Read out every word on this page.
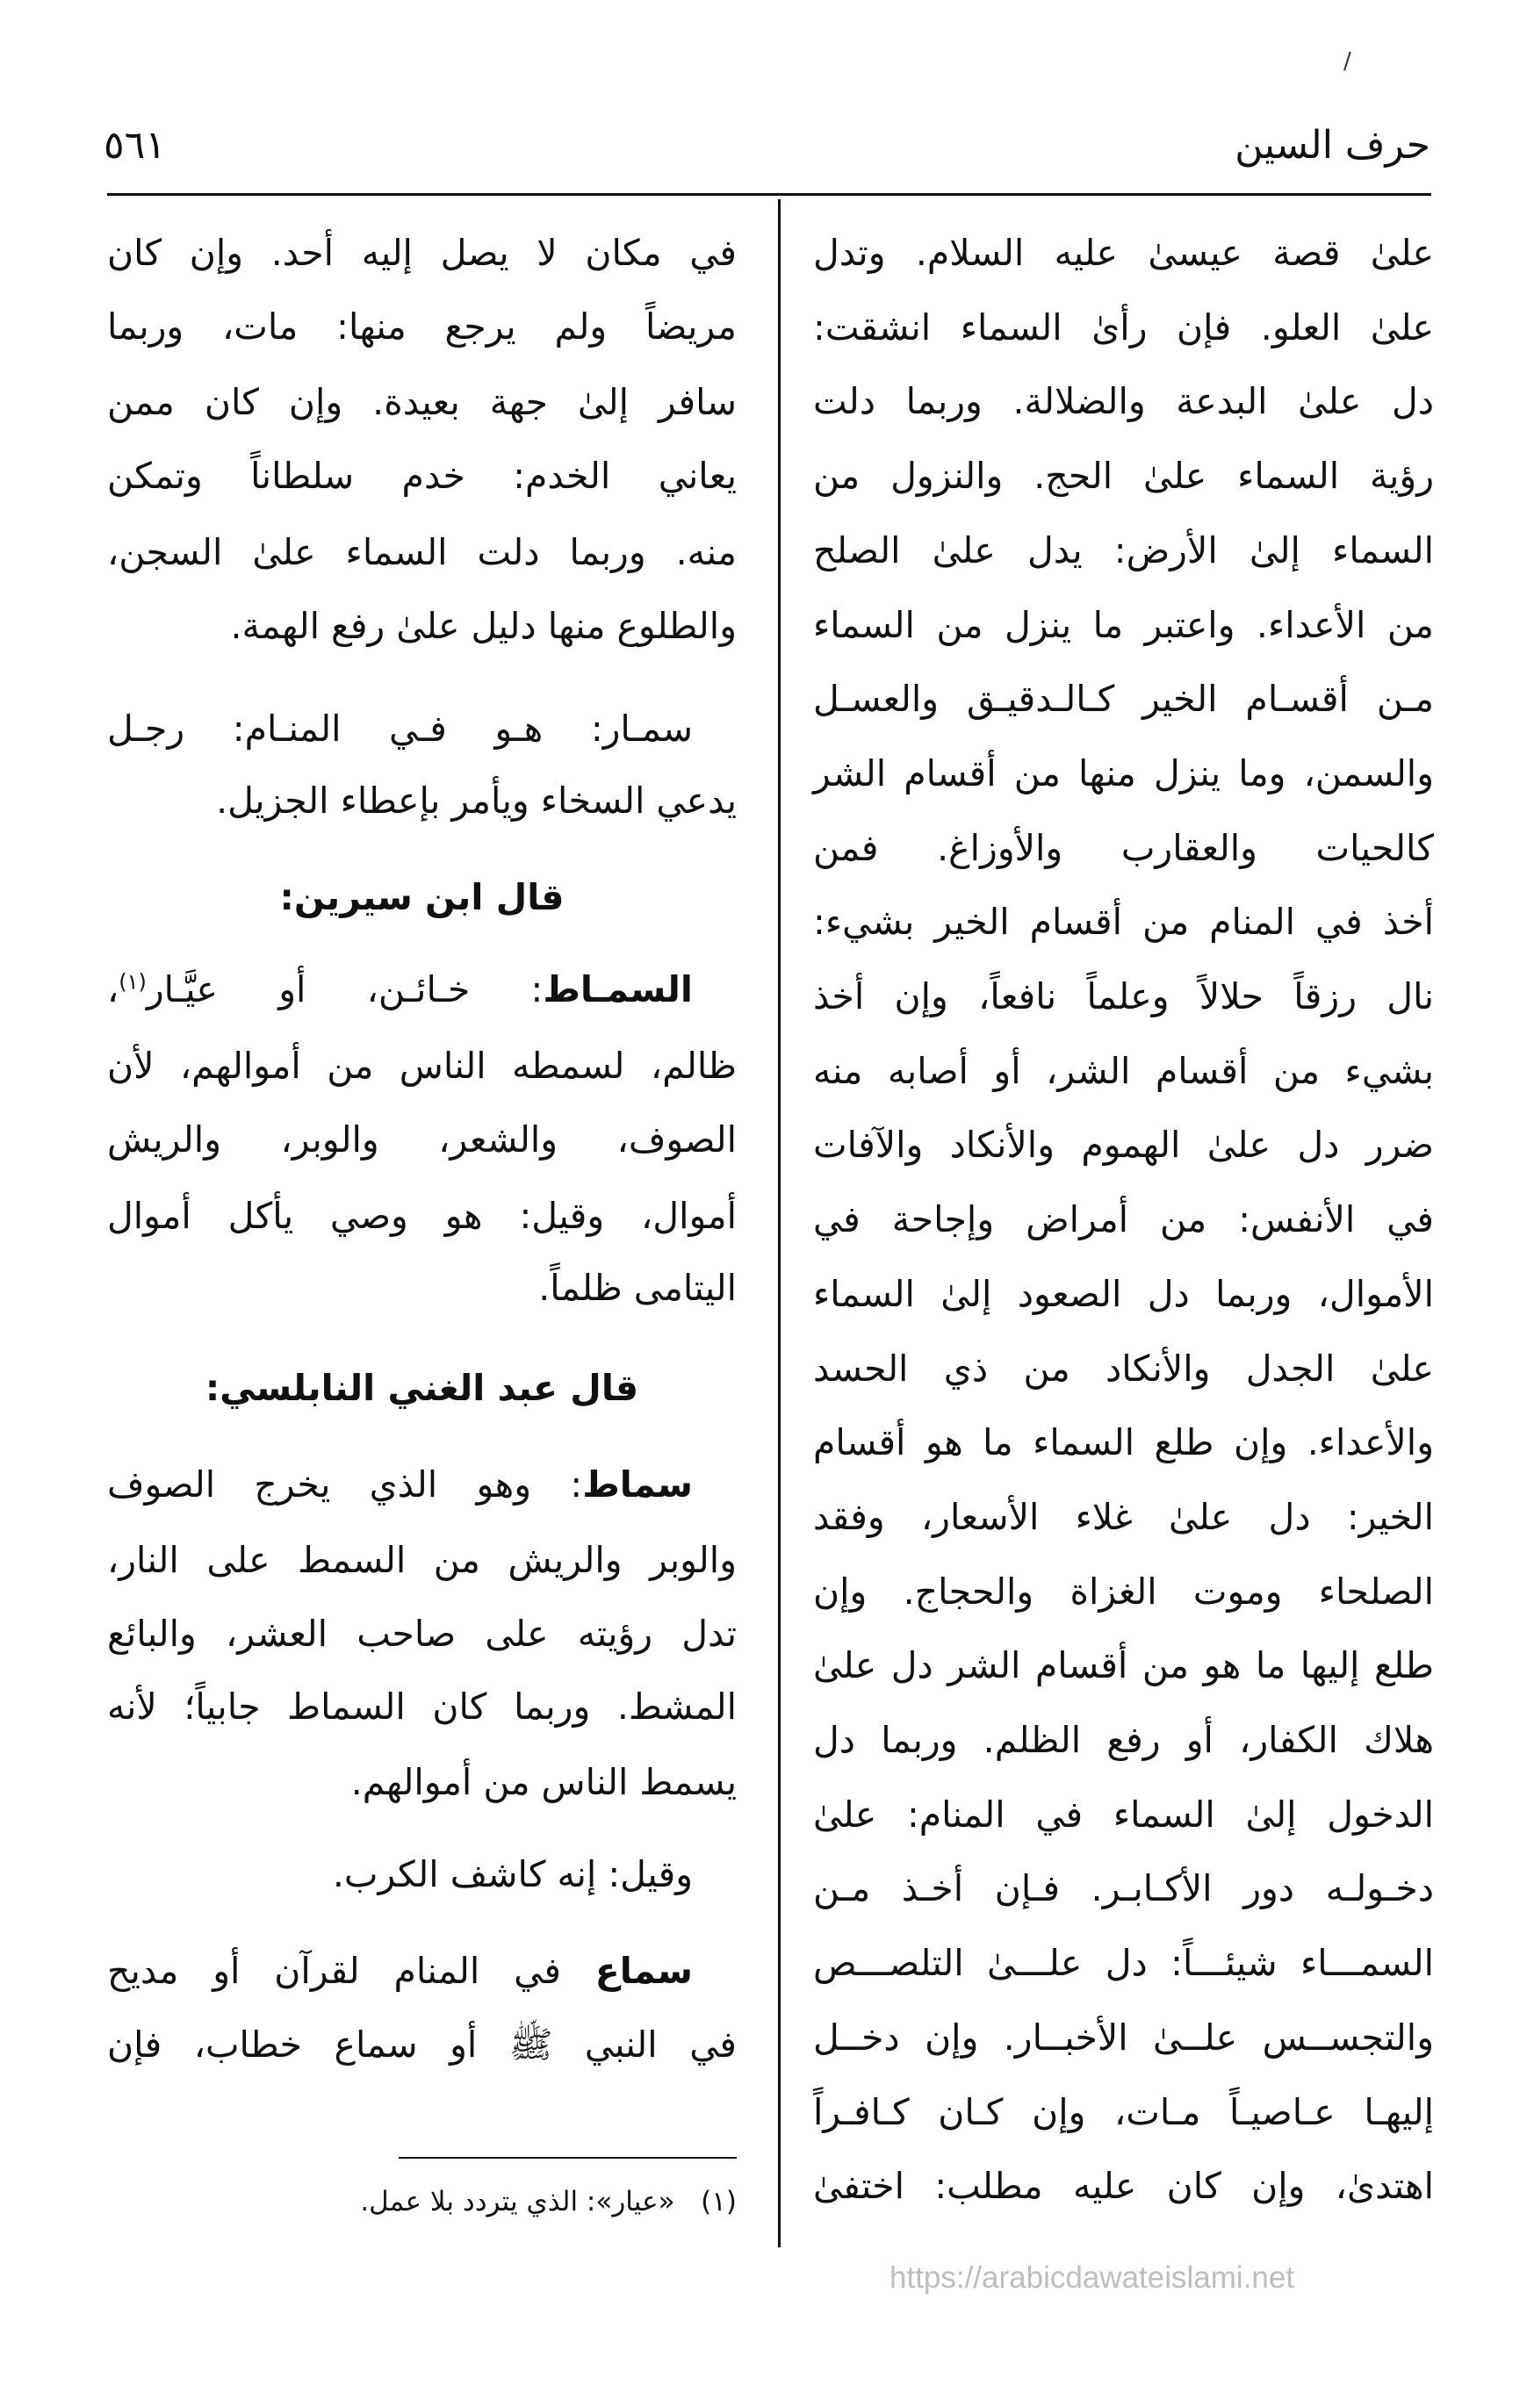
/
حرف السين
٥٦١
علىٰ قصة عيسىٰ عليه السلام. وتدل
علىٰ العلو. فإن رأىٰ السماء انشقت:
دل علىٰ البدعة والضلالة. وربما دلت
رؤية السماء علىٰ الحج. والنزول من
السماء إلىٰ الأرض: يدل علىٰ الصلح
من الأعداء. واعتبر ما ينزل من السماء
مـن أقسـام الخير كـالـدقيـق والعسـل
والسمن، وما ينزل منها من أقسام الشر
كالحيات والعقارب والأوزاغ. فمن
أخذ في المنام من أقسام الخير بشيء:
نال رزقاً حلالاً وعلماً نافعاً، وإن أخذ
بشيء من أقسام الشر، أو أصابه منه
ضرر دل علىٰ الهموم والأنكاد والآفات
في الأنفس: من أمراض وإجاحة في
الأموال، وربما دل الصعود إلىٰ السماء
علىٰ الجدل والأنكاد من ذي الحسد
والأعداء. وإن طلع السماء ما هو أقسام
الخير: دل علىٰ غلاء الأسعار، وفقد
الصلحاء وموت الغزاة والحجاج. وإن
طلع إليها ما هو من أقسام الشر دل علىٰ
هلاك الكفار، أو رفع الظلم. وربما دل
الدخول إلىٰ السماء في المنام: علىٰ
دخـولـه دور الأكـابـر. فـإن أخـذ مـن
السمـــاء شيئـــاً: دل علـــىٰ التلصـــص
والتجســس علــىٰ الأخبــار. وإن دخــل
إليهـا عـاصيـاً مـات، وإن كـان كـافـراً
اهتدىٰ، وإن كان عليه مطلب: اختفىٰ
في مكان لا يصل إليه أحد. وإن كان
مريضاً ولم يرجع منها: مات، وربما
سافر إلىٰ جهة بعيدة. وإن كان ممن
يعاني الخدم: خدم سلطاناً وتمكن
منه. وربما دلت السماء علىٰ السجن،
والطلوع منها دليل علىٰ رفع الهمة.
سمـار: هـو فـي المنـام: رجـل
يدعي السخاء ويأمر بإعطاء الجزيل.
قال ابن سيرين:
السمـاط: خـائـن، أو عيَّـار$^{(١)}$،
ظالم، لسمطه الناس من أموالهم، لأن
الصوف، والشعر، والوبر، والريش
أموال، وقيل: هو وصي يأكل أموال
اليتامى ظلماً.
قال عبد الغني النابلسي:
سماط: وهو الذي يخرج الصوف
والوبر والريش من السمط على النار،
تدل رؤيته على صاحب العشر، والبائع
المشط. وربما كان السماط جابياً؛ لأنه
يسمط الناس من أموالهم.
وقيل: إنه كاشف الكرب.
سماع في المنام لقرآن أو مديح
في النبي ﷺ أو سماع خطاب، فإن
(١)   «عيار»: الذي يتردد بلا عمل.
https://arabicdawateislami.net
